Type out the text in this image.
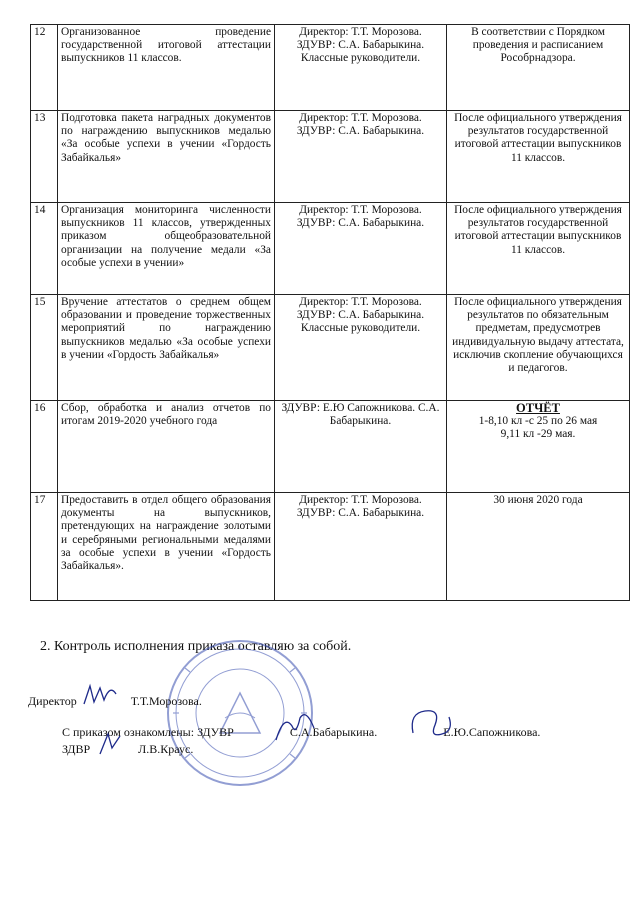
12	Организованное проведение государственной итоговой аттестации выпускников 11 классов.	Директор: Т.Т. Морозова.
ЗДУВР: С.А. Бабарыкина.
Классные руководители.	В соответствии с Порядком проведения и расписанием Рособрнадзора.
13	Подготовка пакета наградных документов по награждению выпускников медалью «За особые успехи в учении «Гордость Забайкалья»	Директор: Т.Т. Морозова.
ЗДУВР: С.А. Бабарыкина.	После официального утверждения результатов государственной итоговой аттестации выпускников 11 классов.
14	Организация мониторинга численности выпускников 11 классов, утвержденных приказом общеобразовательной организации на получение медали «За особые успехи в учении»	Директор: Т.Т. Морозова.
ЗДУВР: С.А. Бабарыкина.	После официального утверждения результатов государственной итоговой аттестации выпускников 11 классов.
15	Вручение аттестатов о среднем общем образовании и проведение торжественных мероприятий по награждению выпускников медалью «За особые успехи в учении «Гордость Забайкалья»	Директор: Т.Т. Морозова.
ЗДУВР: С.А. Бабарыкина.
Классные руководители.	После официального утверждения результатов по обязательным предметам, предусмотрев индивидуальную выдачу аттестата, исключив скопление обучающихся и педагогов.
16	Сбор, обработка и анализ отчетов по итогам 2019-2020 учебного года	ЗДУВР: Е.Ю Сапожникова. С.А. Бабарыкина.	ОТЧЁТ
1-8,10 кл -с 25 по 26 мая
9,11 кл -29 мая.

17	Предоставить в отдел общего образования документы на выпускников, претендующих на награждение золотыми и серебряными региональными медалями за особые успехи в учении «Гордость Забайкалья».	Директор: Т.Т. Морозова.
ЗДУВР: С.А. Бабарыкина.	30 июня 2020 года
2. Контроль исполнения приказа оставляю за собой.
Директор	Т.Т.Морозова.
С приказом ознакомлены: ЗДУВР	С.А.Бабарыкина.	Е.Ю.Сапожникова.
ЗДВР	Л.В.Краус.
